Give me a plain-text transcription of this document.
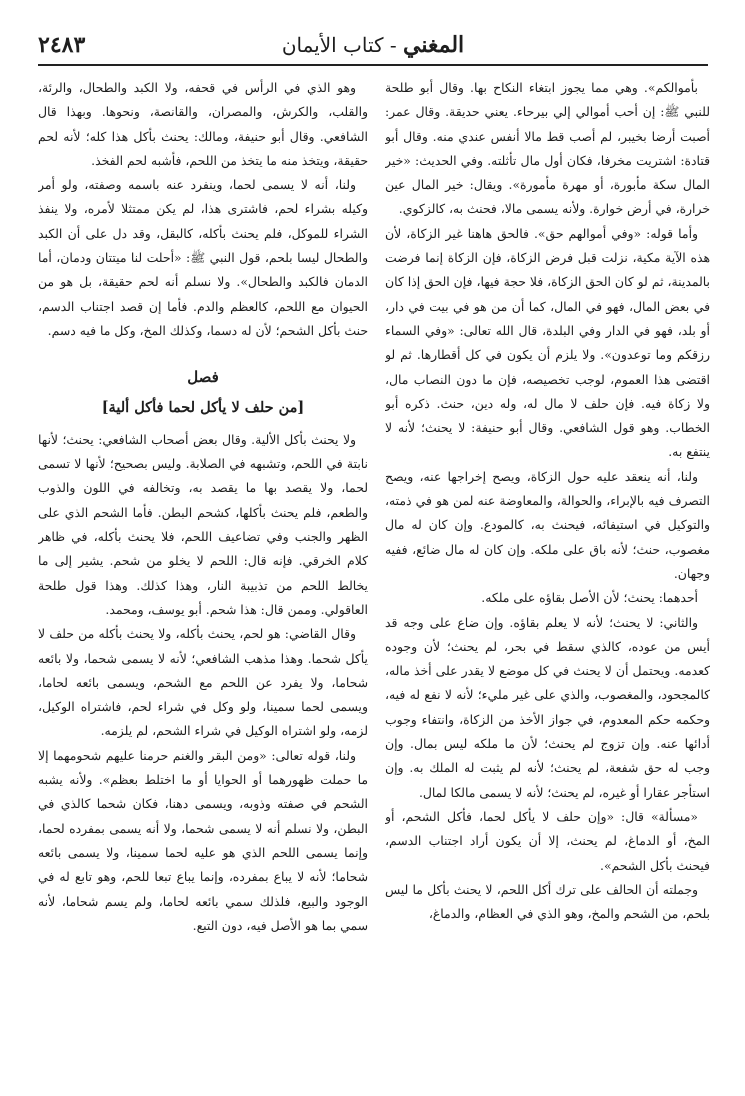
٢٤٨٣	المغني - كتاب الأيمان

بأموالكم». وهي مما يجوز ابتغاء النكاح بها. وقال أبو طلحة للنبي ﷺ: إن أحب أموالي إلي بيرحاء. يعني حديقة. وقال عمر: أصبت أرضا بخيبر، لم أصب قط مالا أنفس عندي منه. وقال أبو قتادة: اشتريت مخرفا، فكان أول مال تأثلته. وفي الحديث: «خير المال سكة مأبورة، أو مهرة مأمورة». ويقال: خير المال عين خرارة، في أرض خوارة. ولأنه يسمى مالا، فحنث به، كالزكوي.

وأما قوله: «وفي أموالهم حق». فالحق هاهنا غير الزكاة، لأن هذه الآية مكية، نزلت قبل فرض الزكاة، فإن الزكاة إنما فرضت بالمدينة، ثم لو كان الحق الزكاة، فلا حجة فيها، فإن الحق إذا كان في بعض المال، فهو في المال، كما أن من هو في بيت في دار، أو بلد، فهو في الدار وفي البلدة، قال الله تعالى: «وفي السماء رزقكم وما توعدون». ولا يلزم أن يكون في كل أقطارها. ثم لو اقتضى هذا العموم، لوجب تخصيصه، فإن ما دون النصاب مال، ولا زكاة فيه. فإن حلف لا مال له، وله دين، حنث. ذكره أبو الخطاب. وهو قول الشافعي. وقال أبو حنيفة: لا يحنث؛ لأنه لا ينتفع به.

ولنا، أنه ينعقد عليه حول الزكاة، ويصح إخراجها عنه، ويصح التصرف فيه بالإبراء، والحوالة، والمعاوضة عنه لمن هو في ذمته، والتوكيل في استيفائه، فيحنث به، كالمودع. وإن كان له مال مغصوب، حنث؛ لأنه باق على ملكه. وإن كان له مال ضائع، ففيه وجهان.

أحدهما: يحنث؛ لأن الأصل بقاؤه على ملكه.

والثاني: لا يحنث؛ لأنه لا يعلم بقاؤه. وإن ضاع على وجه قد أيس من عوده، كالذي سقط في بحر، لم يحنث؛ لأن وجوده كعدمه. ويحتمل أن لا يحنث في كل موضع لا يقدر على أخذ ماله، كالمجحود، والمغصوب، والذي على غير مليء؛ لأنه لا نفع له فيه، وحكمه حكم المعدوم، في جواز الأخذ من الزكاة، وانتفاء وجوب أدائها عنه. وإن تزوج لم يحنث؛ لأن ما ملكه ليس بمال. وإن وجب له حق شفعة، لم يحنث؛ لأنه لم يثبت له الملك به. وإن استأجر عقارا أو غيره، لم يحنث؛ لأنه لا يسمى مالكا لمال.

«مسألة» قال: «وإن حلف لا يأكل لحما، فأكل الشحم، أو المخ، أو الدماغ، لم يحنث، إلا أن يكون أراد اجتناب الدسم، فيحنث بأكل الشحم».

وجملته أن الحالف على ترك أكل اللحم، لا يحنث بأكل ما ليس بلحم، من الشحم والمخ، وهو الذي في العظام، والدماغ،

وهو الذي في الرأس في قحفه، ولا الكبد والطحال، والرئة، والقلب، والكرش، والمصران، والقانصة، ونحوها. وبهذا قال الشافعي. وقال أبو حنيفة، ومالك: يحنث بأكل هذا كله؛ لأنه لحم حقيقة، ويتخذ منه ما يتخذ من اللحم، فأشبه لحم الفخذ.

ولنا، أنه لا يسمى لحما، وينفرد عنه باسمه وصفته، ولو أمر وكيله بشراء لحم، فاشترى هذا، لم يكن ممتثلا لأمره، ولا ينفذ الشراء للموكل، فلم يحنث بأكله، كالبقل، وقد دل على أن الكبد والطحال ليسا بلحم، قول النبي ﷺ: «أحلت لنا ميتتان ودمان، أما الدمان فالكبد والطحال». ولا نسلم أنه لحم حقيقة، بل هو من الحيوان مع اللحم، كالعظم والدم. فأما إن قصد اجتناب الدسم، حنث بأكل الشحم؛ لأن له دسما، وكذلك المخ، وكل ما فيه دسم.

فصل
[من حلف لا يأكل لحما فأكل ألية]

ولا يحنث بأكل الألية. وقال بعض أصحاب الشافعي: يحنث؛ لأنها نابتة في اللحم، وتشبهه في الصلابة. وليس بصحيح؛ لأنها لا تسمى لحما، ولا يقصد بها ما يقصد به، وتخالفه في اللون والذوب والطعم، فلم يحنث بأكلها، كشحم البطن. فأما الشحم الذي على الظهر والجنب وفي تضاعيف اللحم، فلا يحنث بأكله، في ظاهر كلام الخرقي. فإنه قال: اللحم لا يخلو من شحم. يشير إلى ما يخالط اللحم من تذبيبة النار، وهذا كذلك. وهذا قول طلحة العاقولي. وممن قال: هذا شحم. أبو يوسف، ومحمد.

وقال القاضي: هو لحم، يحنث بأكله، ولا يحنث بأكله من حلف لا يأكل شحما. وهذا مذهب الشافعي؛ لأنه لا يسمى شحما، ولا بائعه شحاما، ولا يفرد عن اللحم مع الشحم، ويسمى بائعه لحاما، ويسمى لحما سمينا، ولو وكل في شراء لحم، فاشتراه الوكيل، لزمه، ولو اشتراه الوكيل في شراء الشحم، لم يلزمه.

ولنا، قوله تعالى: «ومن البقر والغنم حرمنا عليهم شحومهما إلا ما حملت ظهورهما أو الحوايا أو ما اختلط بعظم». ولأنه يشبه الشحم في صفته وذوبه، ويسمى دهنا، فكان شحما كالذي في البطن، ولا نسلم أنه لا يسمى شحما، ولا أنه يسمى بمفرده لحما، وإنما يسمى اللحم الذي هو عليه لحما سمينا، ولا يسمى بائعه شحاما؛ لأنه لا يباع بمفرده، وإنما يباع تبعا للحم، وهو تابع له في الوجود والبيع، فلذلك سمي بائعه لحاما، ولم يسم شحاما، لأنه سمي بما هو الأصل فيه، دون التبع.
